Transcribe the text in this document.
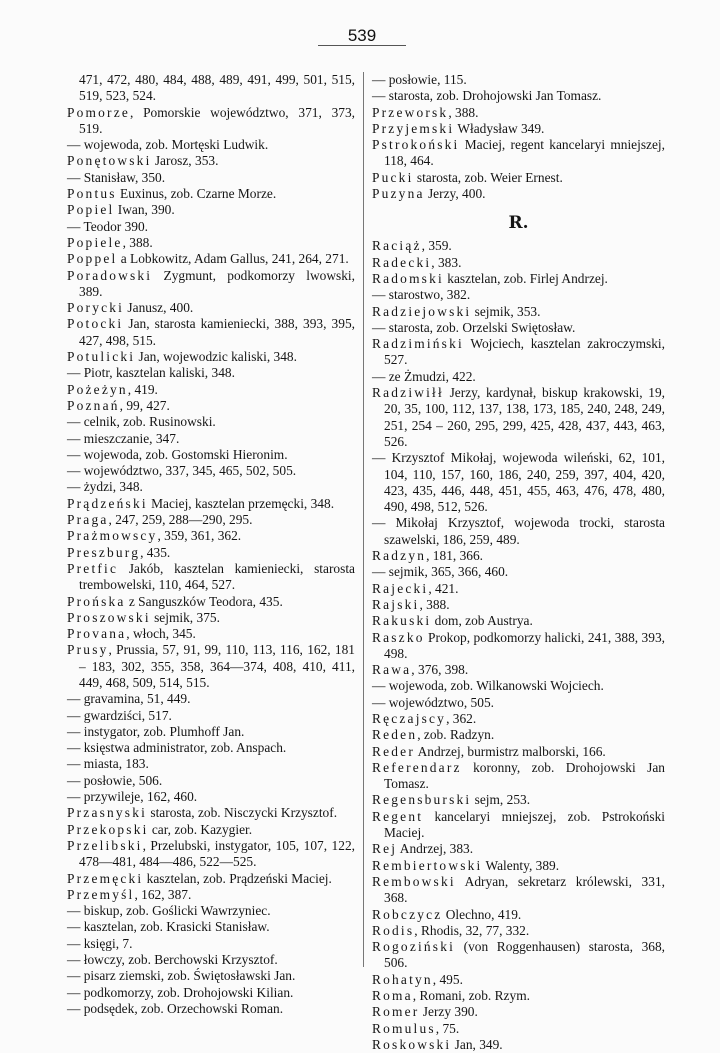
539

471, 472, 480, 484, 488, 489, 491, 499, 501, 515, 519, 523, 524.

Pomorze, Pomorskie województwo, 371, 373, 519.

— wojewoda, zob. Mortęski Ludwik.

Ponętowski Jarosz, 353.

— Stanisław, 350.

Pontus Euxinus, zob. Czarne Morze.

Popiel Iwan, 390.

— Teodor 390.

Popiele, 388.

Poppel a Lobkowitz, Adam Gallus, 241, 264, 271.

Poradowski Zygmunt, podkomorzy lwowski, 389.

Porycki Janusz, 400.

Potocki Jan, starosta kamieniecki, 388, 393, 395, 427, 498, 515.

Potulicki Jan, wojewodzic kaliski, 348.

— Piotr, kasztelan kaliski, 348.

Pożeżyn, 419.

Poznań, 99, 427.

— celnik, zob. Rusinowski.

— mieszczanie, 347.

— wojewoda, zob. Gostomski Hieronim.

— województwo, 337, 345, 465, 502, 505.

— żydzi, 348.

Prądzeński Maciej, kasztelan przemęcki, 348.

Praga, 247, 259, 288—290, 295.

Prażmowscy, 359, 361, 362.

Preszburg, 435.

Pretfic Jakób, kasztelan kamieniecki, starosta trembowelski, 110, 464, 527.

Prońska z Sanguszków Teodora, 435.

Proszowski sejmik, 375.

Provana, włoch, 345.

Prusy, Prussia, 57, 91, 99, 110, 113, 116, 162, 181 – 183, 302, 355, 358, 364—374, 408, 410, 411, 449, 468, 509, 514, 515.

— gravamina, 51, 449.

— gwardziści, 517.

— instygator, zob. Plumhoff Jan.

— księstwa administrator, zob. Anspach.

— miasta, 183.

— posłowie, 506.

— przywileje, 162, 460.

Przasnyski starosta, zob. Nisczycki Krzysztof.

Przekopski car, zob. Kazygier.

Przelibski, Przelubski, instygator, 105, 107, 122, 478—481, 484—486, 522—525.

Przemęcki kasztelan, zob. Prądzeński Maciej.

Przemyśl, 162, 387.

— biskup, zob. Goślicki Wawrzyniec.

— kasztelan, zob. Krasicki Stanisław.

— księgi, 7.

— łowczy, zob. Berchowski Krzysztof.

— pisarz ziemski, zob. Świętosławski Jan.

— podkomorzy, zob. Drohojowski Kilian.

— podsędek, zob. Orzechowski Roman.

— posłowie, 115.

— starosta, zob. Drohojowski Jan Tomasz.

Przeworsk, 388.

Przyjemski Władysław 349.

Pstrokoński Maciej, regent kancelaryi mniejszej, 118, 464.

Pucki starosta, zob. Weier Ernest.

Puzyna Jerzy, 400.

R.

Raciąż, 359.

Radecki, 383.

Radomski kasztelan, zob. Firlej Andrzej.

— starostwo, 382.

Radziejowski sejmik, 353.

— starosta, zob. Orzelski Swiętosław.

Radzimiński Wojciech, kasztelan zakroczymski, 527.

— ze Żmudzi, 422.

Radziwiłł Jerzy, kardynał, biskup krakowski, 19, 20, 35, 100, 112, 137, 138, 173, 185, 240, 248, 249, 251, 254 – 260, 295, 299, 425, 428, 437, 443, 463, 526.

— Krzysztof Mikołaj, wojewoda wileński, 62, 101, 104, 110, 157, 160, 186, 240, 259, 397, 404, 420, 423, 435, 446, 448, 451, 455, 463, 476, 478, 480, 490, 498, 512, 526.

— Mikołaj Krzysztof, wojewoda trocki, starosta szawelski, 186, 259, 489.

Radzyn, 181, 366.

— sejmik, 365, 366, 460.

Rajecki, 421.

Rajski, 388.

Rakuski dom, zob Austrya.

Raszko Prokop, podkomorzy halicki, 241, 388, 393, 498.

Rawa, 376, 398.

— wojewoda, zob. Wilkanowski Wojciech.

— województwo, 505.

Ręczajscy, 362.

Reden, zob. Radzyn.

Reder Andrzej, burmistrz malborski, 166.

Referendarz koronny, zob. Drohojowski Jan Tomasz.

Regensburski sejm, 253.

Regent kancelaryi mniejszej, zob. Pstrokoński Maciej.

Rej Andrzej, 383.

Rembiertowski Walenty, 389.

Rembowski Adryan, sekretarz królewski, 331, 368.

Robczycz Olechno, 419.

Rodis, Rhodis, 32, 77, 332.

Rogoziński (von Roggenhausen) starosta, 368, 506.

Rohatyn, 495.

Roma, Romani, zob. Rzym.

Romer Jerzy 390.

Romulus, 75.

Roskowski Jan, 349.
